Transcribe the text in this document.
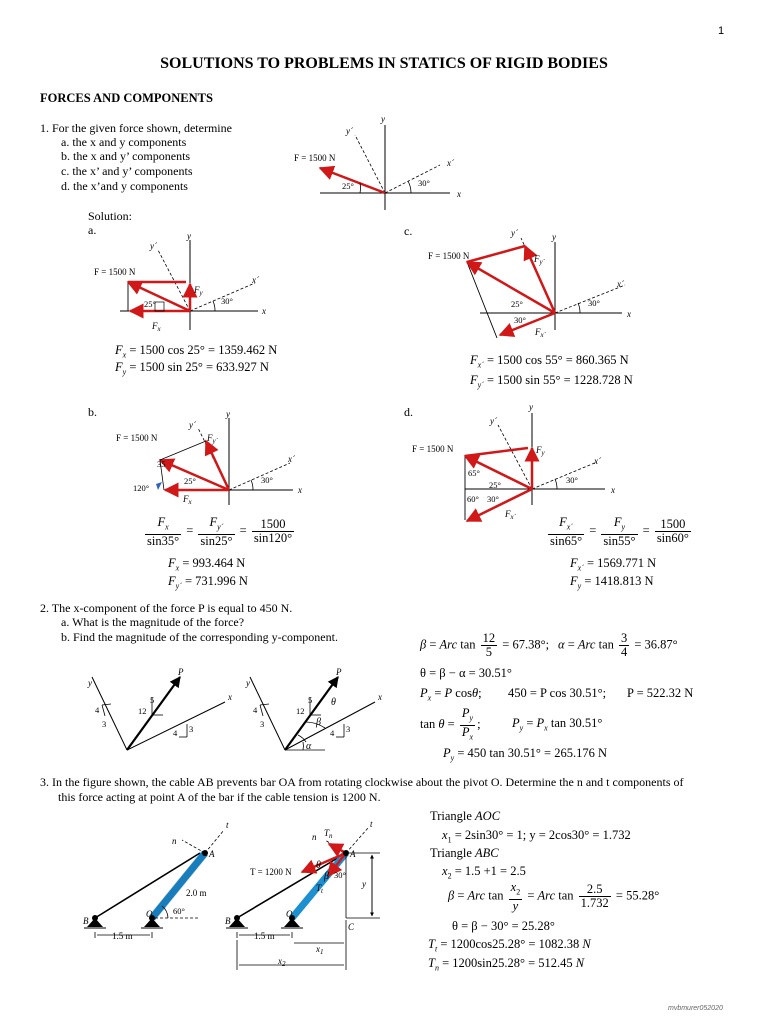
1
SOLUTIONS TO PROBLEMS IN STATICS OF RIGID BODIES
FORCES AND COMPONENTS
1. For the given force shown, determine
a. the x and y components
b. the x and y’ components
c. the x’ and y’ components
d. the x’and y components
Solution:
a.	c.
b.	d.
y
y´
x´
x
F = 1500 N
25°	30°
y
y´
x´
x
F = 1500 N
$F_y$
$F_x$
25°	30°
y
y´
x´
x
F = 1500 N	$F_{y´}$
$F_{x´}$
25°
30°
30°
y
y´
x´
x
F = 1500 N	$F_{y´}$
$F_x$
35
25°
120°
30°
y
y´
x´
x
F = 1500 N	$F_y$
$F_{x´}$
65°
25°
60° 30°
30°
$F_x = 1500$ cos 25° = 1359.462 N
$F_y = 1500$ sin 25° = 633.927 N	$F_{x´} = 1500$ cos 55° = 860.365 N
$F_{y´} = 1500$ sin 55° = 1228.728 N
$\frac{F_x}{\sin 35^\circ} = \frac{F_{y´}}{\sin 25^\circ} = \frac{1500}{\sin 120^\circ}$
$F_x = 993.464$ N
$F_{y´} = 731.996$ N
$\frac{F_{x´}}{\sin 65^\circ} = \frac{F_y}{\sin 55^\circ} = \frac{1500}{\sin 60^\circ}$
$F_{x´} = 1569.771$ N
$F_y = 1418.813$ N
2. The x-component of the force P is equal to 450 N.
a. What is the magnitude of the force?
b. Find the magnitude of the corresponding y-component.
y
P
x
5
12
4
3	3
4
y
P
x
θ
β
α
5
12
4
3	3
4
β = Arc $\tan \frac{12}{5} = 67.38^\circ$; α = Arc $\tan \frac{3}{4} = 36.87^\circ$
θ = β − α = 30.51°
$P_x = P$ cosθ; 450 = P cos 30.51°; P = 522.32 N
$\tan \theta = \frac{P_y}{P_x}$ ;	$P_y = P_x$ tan 30.51°
$P_y = 450$ tan 30.51° = 265.176 N
3. In the figure shown, the cable AB prevents bar OA from rotating clockwise about the pivot O. Determine the n and t components of
this force acting at point A of the bar if the cable tension is 1200 N.
B
O
A
n
t
2.0 m
60°
1.5 m
B
O
A
C
n
t
$T_n$
$T_t$
θ
β
y
$x_1$
$x_2$
T = 1200 N	30°
1.5 m
Triangle AOC
$x_1 = 2\sin 30^\circ = 1$; y = 2cos30° = 1.732
Triangle ABC
$x_2 = 1.5 +1 = 2.5$
β = Arc $\tan \frac{x_2}{y}$ = Arc $\tan \frac{2.5}{1.732} = 55.28^\circ$
θ = β − 30° = 25.28°
$T_t = 1200\cos 25.28^\circ = 1082.38$ N
$T_n = 1200\sin 25.28^\circ = 512.45$ N
mvbmurer052020
